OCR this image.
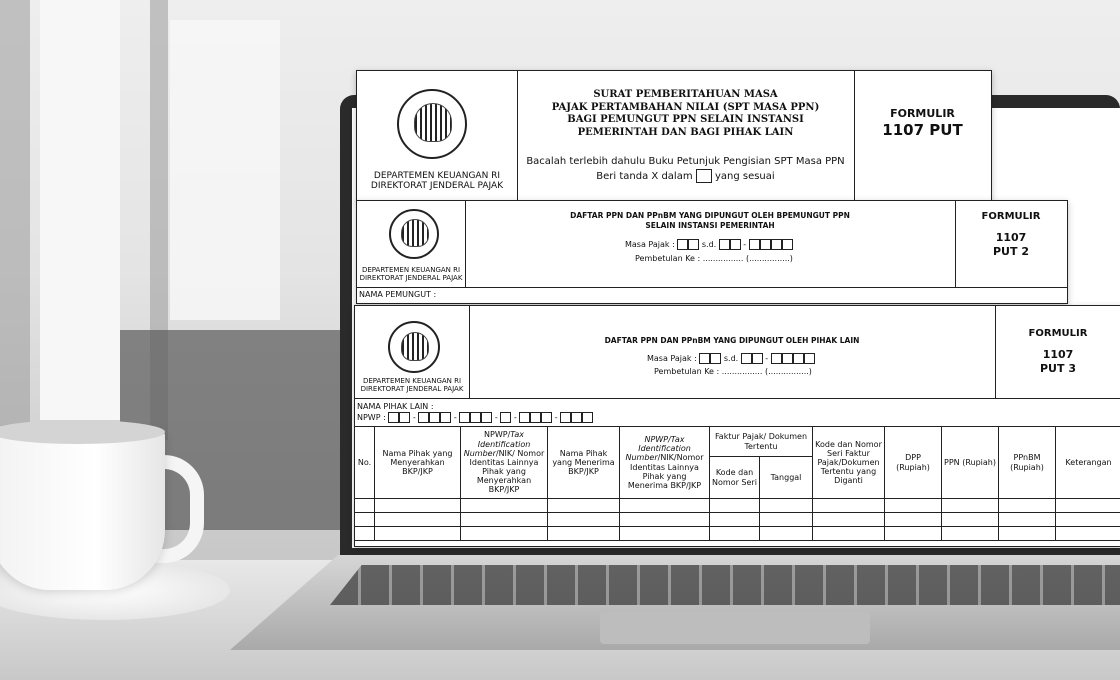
DEPARTEMEN KEUANGAN RI
DIREKTORAT JENDERAL PAJAK
SURAT PEMBERITAHUAN MASA
PAJAK PERTAMBAHAN NILAI (SPT MASA PPN)
BAGI PEMUNGUT PPN SELAIN INSTANSI
PEMERINTAH DAN BAGI PIHAK LAIN
Bacalah terlebih dahulu Buku Petunjuk Pengisian SPT Masa PPN
Beri tanda X dalam yang sesuai
FORMULIR
1107 PUT
DEPARTEMEN KEUANGAN RI
DIREKTORAT JENDERAL PAJAK
DAFTAR PPN DAN PPnBM YANG DIPUNGUT OLEH BPEMUNGUT PPN
SELAIN INSTANSI PEMERINTAH
Masa Pajak :	s.d.	-
Pembetulan Ke : ................ (................)
FORMULIR
1107
PUT 2
NAMA PEMUNGUT :
DEPARTEMEN KEUANGAN RI
DIREKTORAT JENDERAL PAJAK
DAFTAR PPN DAN PPnBM YANG DIPUNGUT OLEH PIHAK LAIN
Masa Pajak :	s.d.	-
Pembetulan Ke : ................ (................)
FORMULIR
1107
PUT 3
NAMA PIHAK LAIN :
NPWP :	-	-	-  -	-
No.	Nama Pihak yang Menyerahkan BKP/JKP	NPWP/Tax Identification Number/NIK/ Nomor Identitas Lainnya Pihak yang Menyerahkan BKP/JKP	Nama Pihak yang Menerima BKP/JKP	NPWP/Tax Identification Number/NIK/Nomor Identitas Lainnya Pihak yang Menerima BKP/JKP	Faktur Pajak/ Dokumen Tertentu		Kode dan Nomor Seri Faktur Pajak/Dokumen Tertentu yang Diganti	DPP (Rupiah)	PPN (Rupiah)	PPnBM (Rupiah)	Keterangan
					Kode dan Nomor Seri	Tanggal					
